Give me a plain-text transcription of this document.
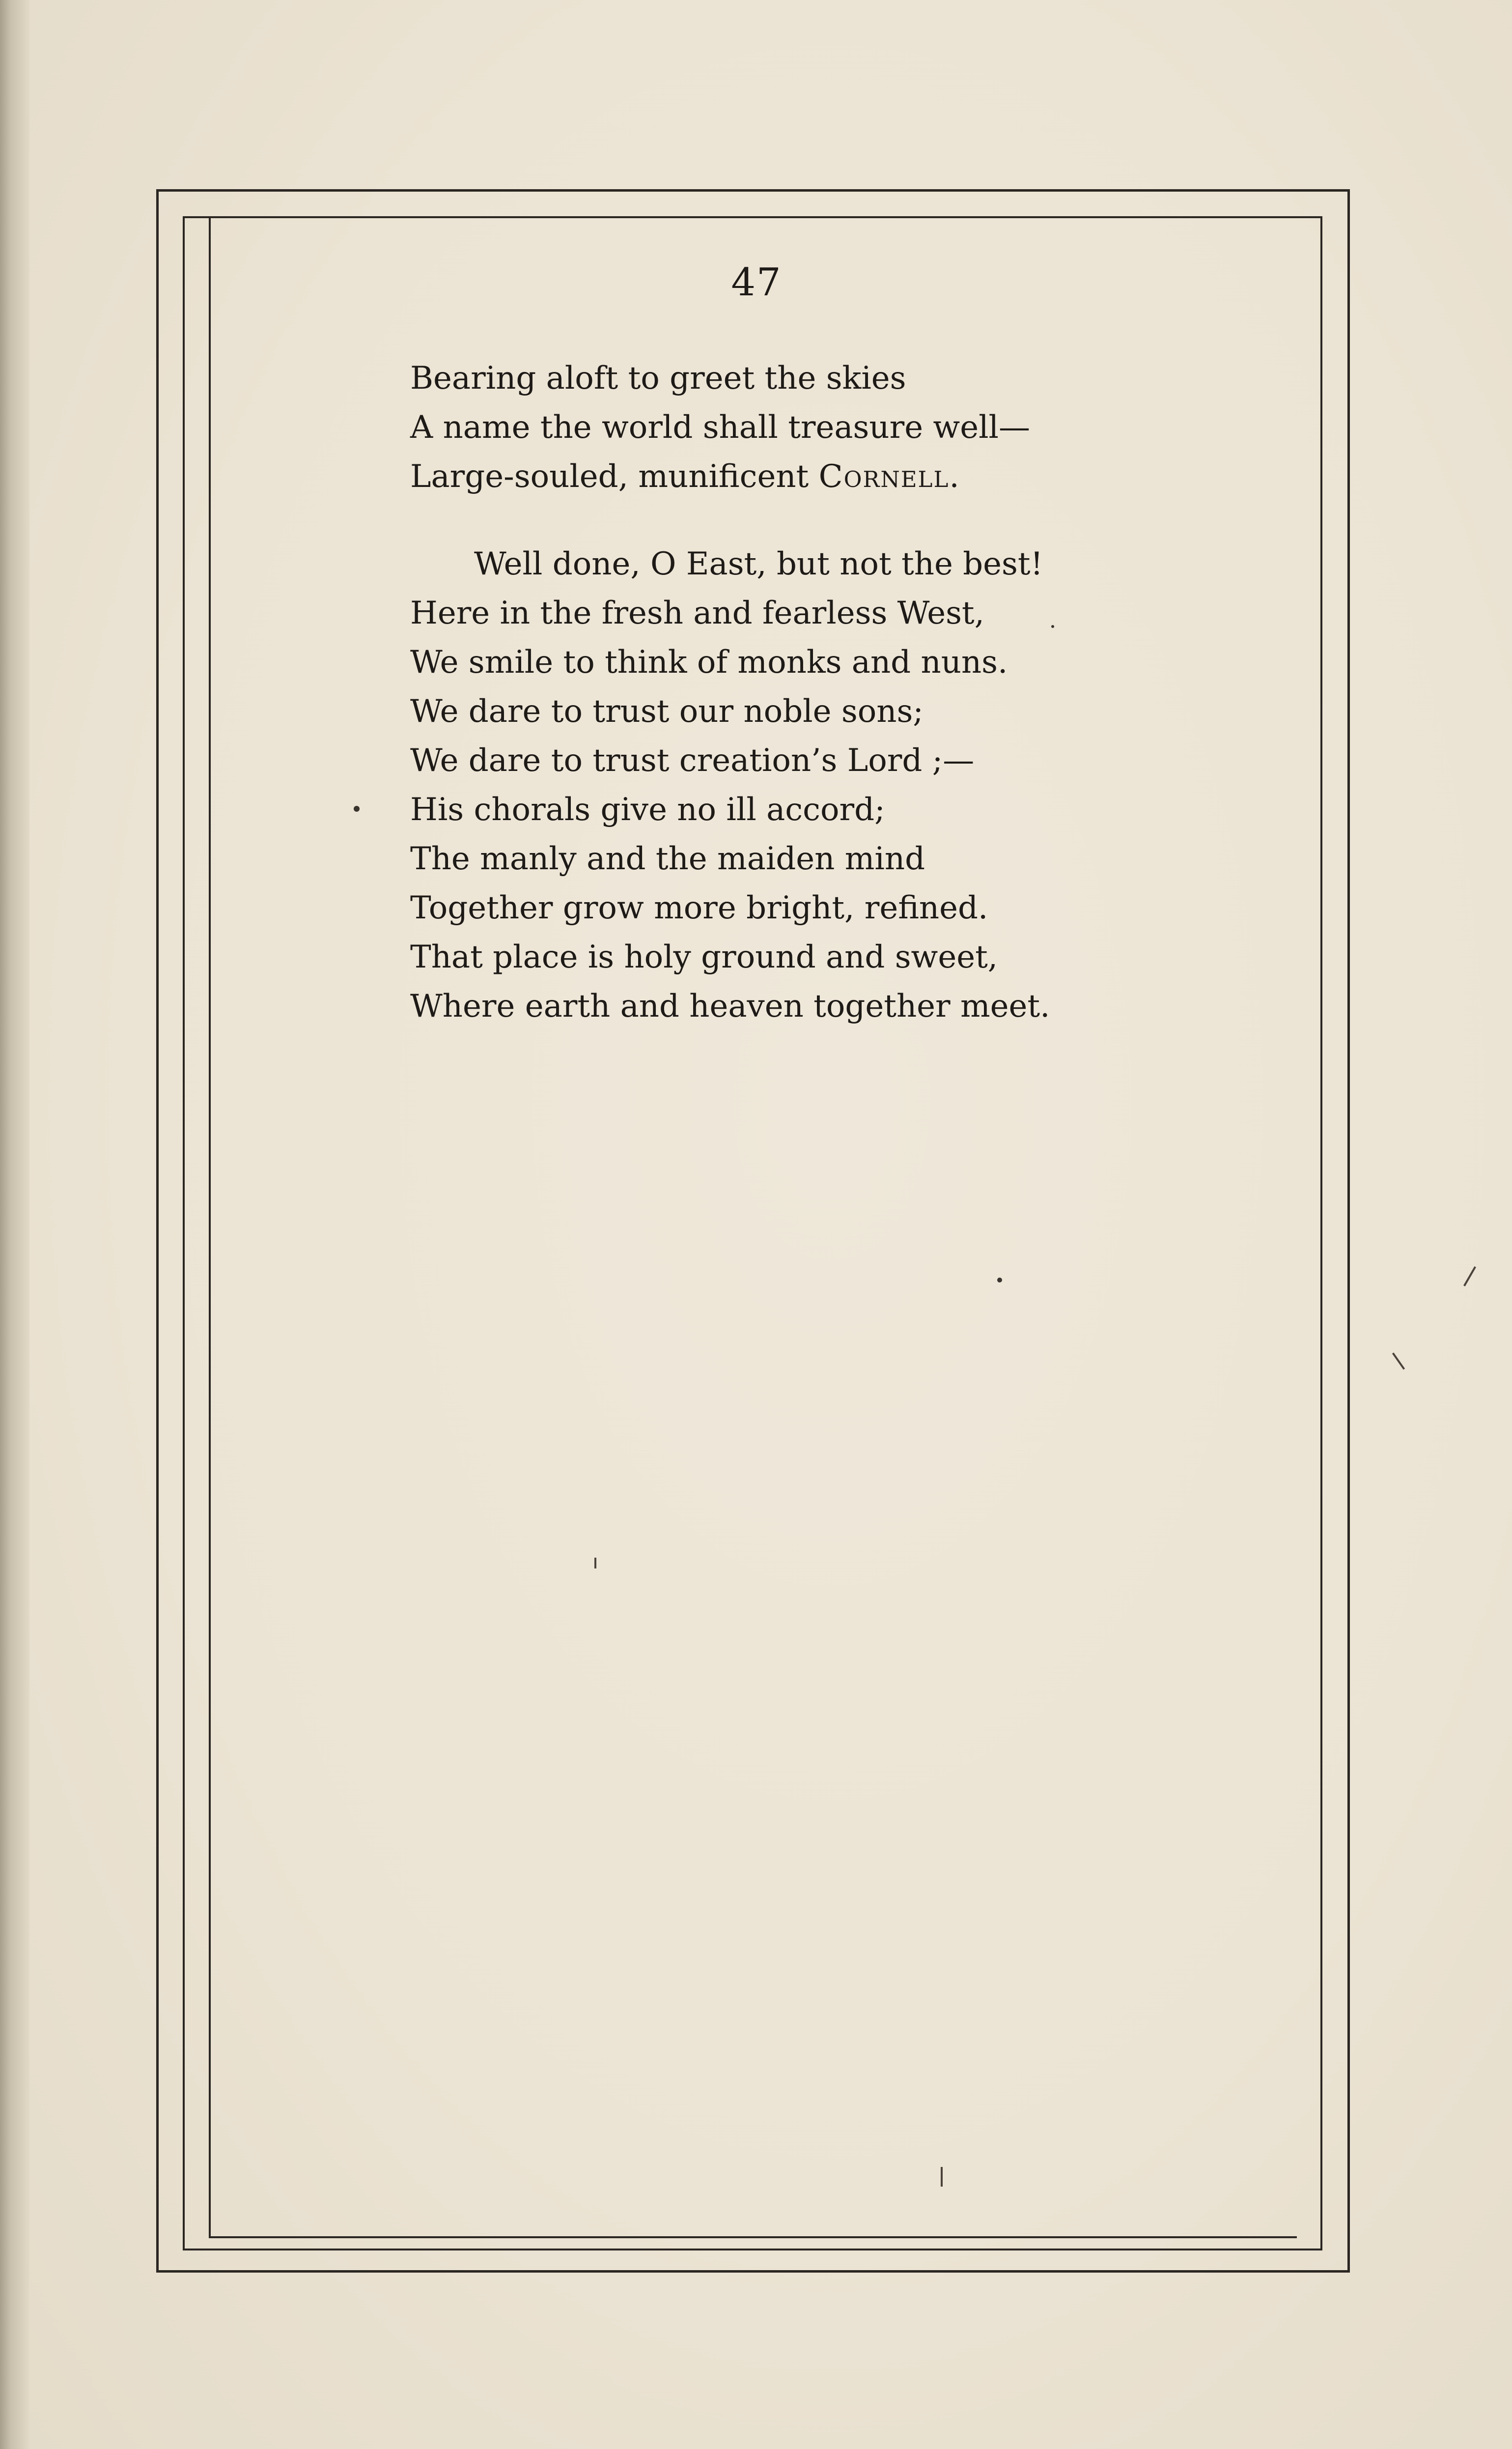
47
Bearing aloft to greet the skies
A name the world shall treasure well—
Large-souled, munificent Cornell.
Well done, O East, but not the best!
Here in the fresh and fearless West,
We smile to think of monks and nuns.
We dare to trust our noble sons;
We dare to trust creation’s Lord ;—
His chorals give no ill accord;
The manly and the maiden mind
Together grow more bright, refined.
That place is holy ground and sweet,
Where earth and heaven together meet.
